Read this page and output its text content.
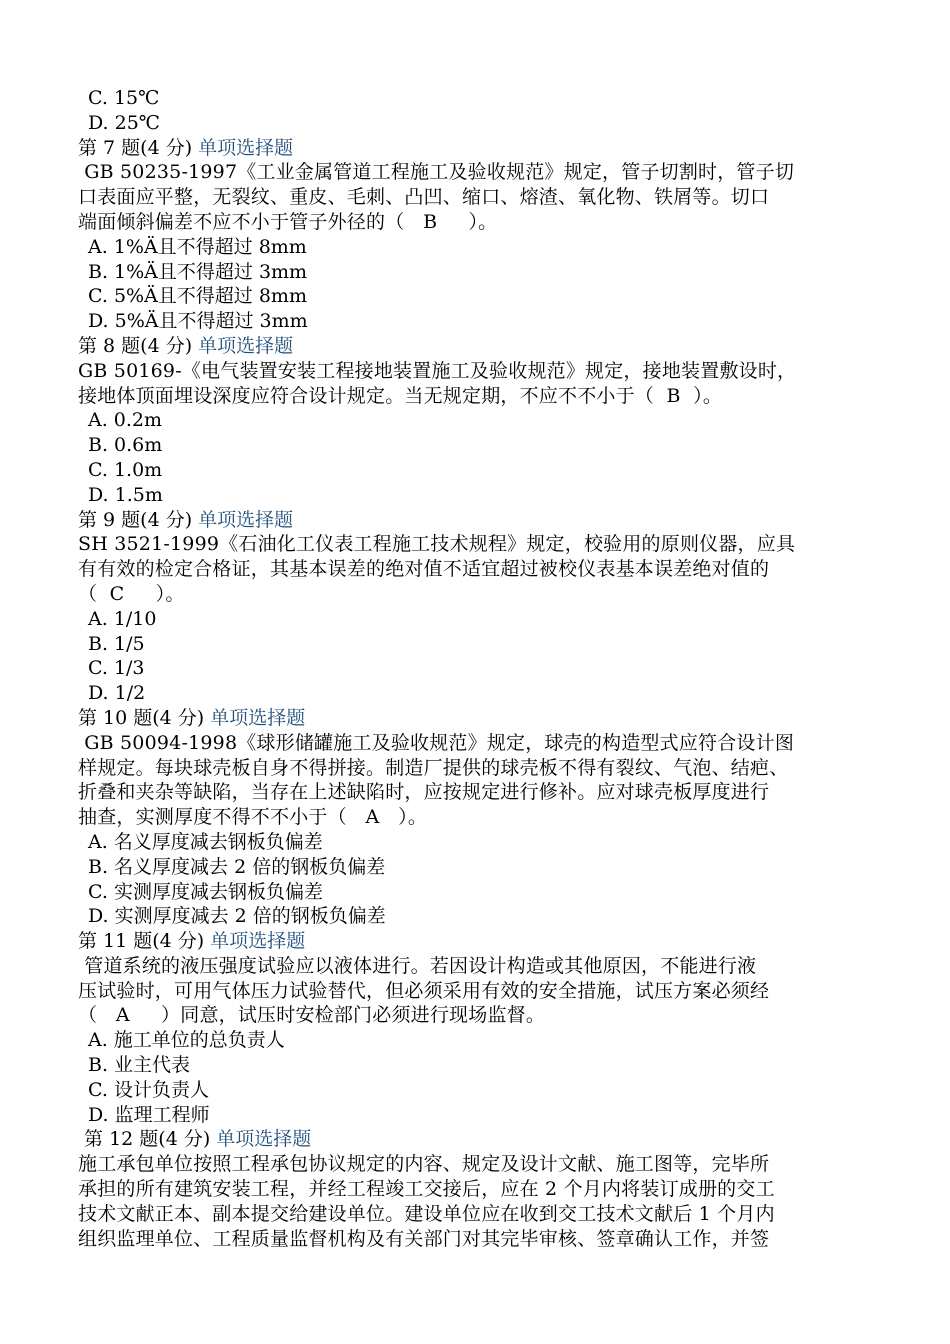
C. 15℃
D. 25℃
第 7 题(4 分) 单项选择题
GB 50235-1997《工业金属管道工程施工及验收规范》规定，管子切割时，管子切
口表面应平整，无裂纹、重皮、毛刺、凸凹、缩口、熔渣、氧化物、铁屑等。切口
端面倾斜偏差不应不小于管子外径的（   B     ）。
A. 1%Ä且不得超过 8mm
B. 1%Ä且不得超过 3mm
C. 5%Ä且不得超过 8mm
D. 5%Ä且不得超过 3mm
第 8 题(4 分) 单项选择题
GB 50169-《电气装置安装工程接地装置施工及验收规范》规定，接地装置敷设时，
接地体顶面埋设深度应符合设计规定。当无规定期，不应不不小于（  B  ）。
A. 0.2m
B. 0.6m
C. 1.0m
D. 1.5m
第 9 题(4 分) 单项选择题
SH 3521-1999《石油化工仪表工程施工技术规程》规定，校验用的原则仪器，应具
有有效的检定合格证，其基本误差的绝对值不适宜超过被校仪表基本误差绝对值的
（  C     ）。
A. 1/10
B. 1/5
C. 1/3
D. 1/2
第 10 题(4 分) 单项选择题
GB 50094-1998《球形储罐施工及验收规范》规定，球壳的构造型式应符合设计图
样规定。每块球壳板自身不得拼接。制造厂提供的球壳板不得有裂纹、气泡、结疤、
折叠和夹杂等缺陷，当存在上述缺陷时，应按规定进行修补。应对球壳板厚度进行
抽查，实测厚度不得不不小于（   A   ）。
A. 名义厚度减去钢板负偏差
B. 名义厚度减去 2 倍的钢板负偏差
C. 实测厚度减去钢板负偏差
D. 实测厚度减去 2 倍的钢板负偏差
第 11 题(4 分) 单项选择题
管道系统的液压强度试验应以液体进行。若因设计构造或其他原因，不能进行液
压试验时，可用气体压力试验替代，但必须采用有效的安全措施，试压方案必须经
（   A     ）同意，试压时安检部门必须进行现场监督。
A. 施工单位的总负责人
B. 业主代表
C. 设计负责人
D. 监理工程师
第 12 题(4 分) 单项选择题
施工承包单位按照工程承包协议规定的内容、规定及设计文献、施工图等，完毕所
承担的所有建筑安装工程，并经工程竣工交接后，应在 2 个月内将装订成册的交工
技术文献正本、副本提交给建设单位。建设单位应在收到交工技术文献后 1 个月内
组织监理单位、工程质量监督机构及有关部门对其完毕审核、签章确认工作，并签
